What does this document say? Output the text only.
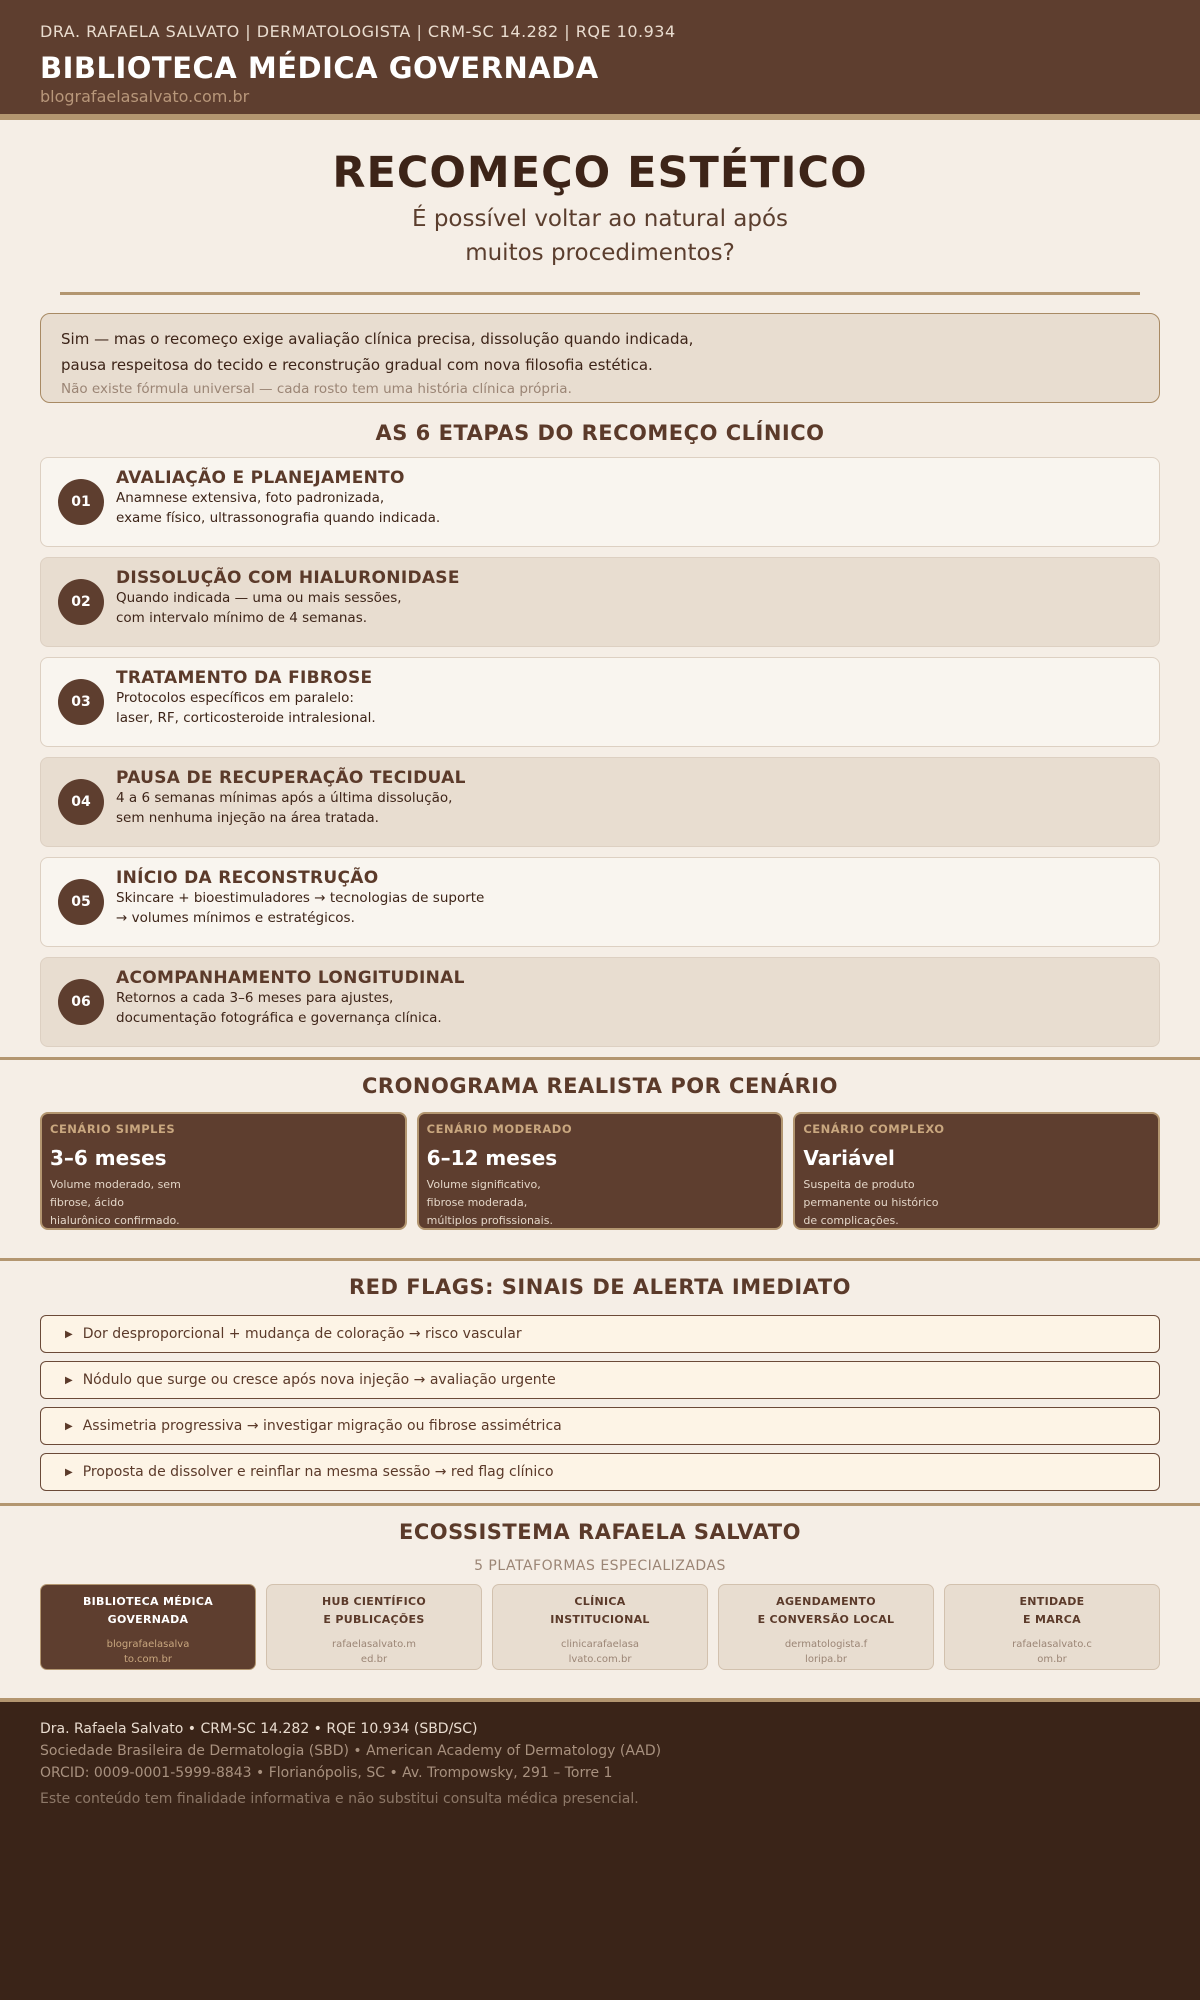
DRA. RAFAELA SALVATO | DERMATOLOGISTA | CRM-SC 14.282 | RQE 10.934
BIBLIOTECA MÉDICA GOVERNADA
blografaelasalvato.com.br
RECOMEÇO ESTÉTICO
É possível voltar ao natural após
muitos procedimentos?
Sim — mas o recomeço exige avaliação clínica precisa, dissolução quando indicada,
pausa respeitosa do tecido e reconstrução gradual com nova filosofia estética.
Não existe fórmula universal — cada rosto tem uma história clínica própria.
AS 6 ETAPAS DO RECOMEÇO CLÍNICO
01
AVALIAÇÃO E PLANEJAMENTO
Anamnese extensiva, foto padronizada,
exame físico, ultrassonografia quando indicada.
02
DISSOLUÇÃO COM HIALURONIDASE
Quando indicada — uma ou mais sessões,
com intervalo mínimo de 4 semanas.
03
TRATAMENTO DA FIBROSE
Protocolos específicos em paralelo:
laser, RF, corticosteroide intralesional.
04
PAUSA DE RECUPERAÇÃO TECIDUAL
4 a 6 semanas mínimas após a última dissolução,
sem nenhuma injeção na área tratada.
05
INÍCIO DA RECONSTRUÇÃO
Skincare + bioestimuladores → tecnologias de suporte
→ volumes mínimos e estratégicos.
06
ACOMPANHAMENTO LONGITUDINAL
Retornos a cada 3–6 meses para ajustes,
documentação fotográfica e governança clínica.
CRONOGRAMA REALISTA POR CENÁRIO
CENÁRIO SIMPLES
3–6 meses
Volume moderado, sem
fibrose, ácido
hialurônico confirmado.
CENÁRIO MODERADO
6–12 meses
Volume significativo,
fibrose moderada,
múltiplos profissionais.
CENÁRIO COMPLEXO
Variável
Suspeita de produto
permanente ou histórico
de complicações.
RED FLAGS: SINAIS DE ALERTA IMEDIATO
▶ Dor desproporcional + mudança de coloração → risco vascular
▶ Nódulo que surge ou cresce após nova injeção → avaliação urgente
▶ Assimetria progressiva → investigar migração ou fibrose assimétrica
▶ Proposta de dissolver e reinflar na mesma sessão → red flag clínico
ECOSSISTEMA RAFAELA SALVATO
5 PLATAFORMAS ESPECIALIZADAS
BIBLIOTECA MÉDICA
GOVERNADA
blografaelasalva
to.com.br
HUB CIENTÍFICO
E PUBLICAÇÕES
rafaelasalvato.m
ed.br
CLÍNICA
INSTITUCIONAL
clinicarafaelasa
lvato.com.br
AGENDAMENTO
E CONVERSÃO LOCAL
dermatologista.f
loripa.br
ENTIDADE
E MARCA
rafaelasalvato.c
om.br
Dra. Rafaela Salvato • CRM-SC 14.282 • RQE 10.934 (SBD/SC)
Sociedade Brasileira de Dermatologia (SBD) • American Academy of Dermatology (AAD)
ORCID: 0009-0001-5999-8843 • Florianópolis, SC • Av. Trompowsky, 291 – Torre 1
Este conteúdo tem finalidade informativa e não substitui consulta médica presencial.
